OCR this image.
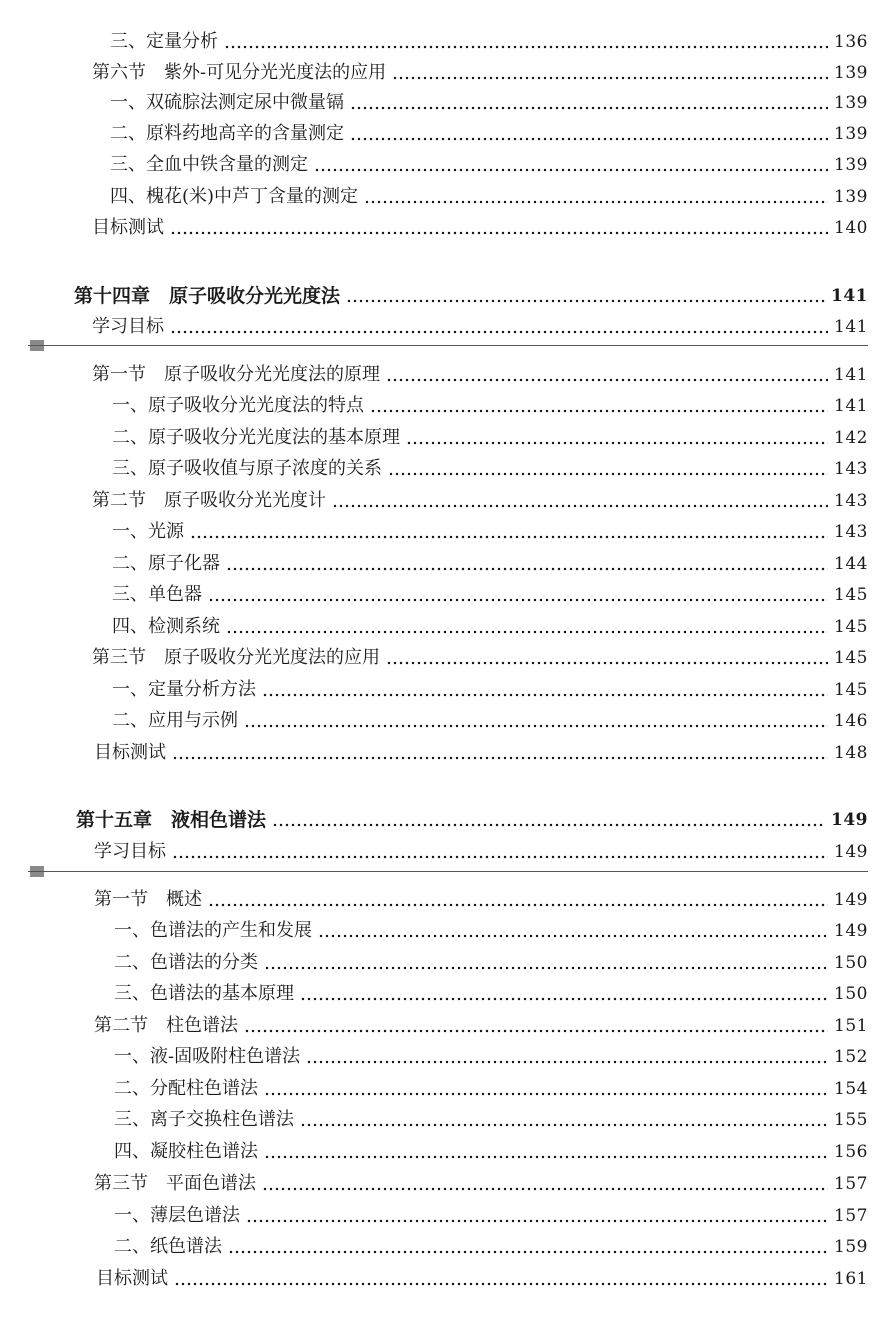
三、定量分析	136
第六节　紫外-可见分光光度法的应用	139
一、双硫腙法测定尿中微量镉	139
二、原料药地高辛的含量测定	139
三、全血中铁含量的测定	139
四、槐花(米)中芦丁含量的测定	139
目标测试	140
第十四章　原子吸收分光光度法	141
学习目标	141
第一节　原子吸收分光光度法的原理	141
一、原子吸收分光光度法的特点	141
二、原子吸收分光光度法的基本原理	142
三、原子吸收值与原子浓度的关系	143
第二节　原子吸收分光光度计	143
一、光源	143
二、原子化器	144
三、单色器	145
四、检测系统	145
第三节　原子吸收分光光度法的应用	145
一、定量分析方法	145
二、应用与示例	146
目标测试	148
第十五章　液相色谱法	149
学习目标	149
第一节　概述	149
一、色谱法的产生和发展	149
二、色谱法的分类	150
三、色谱法的基本原理	150
第二节　柱色谱法	151
一、液-固吸附柱色谱法	152
二、分配柱色谱法	154
三、离子交换柱色谱法	155
四、凝胶柱色谱法	156
第三节　平面色谱法	157
一、薄层色谱法	157
二、纸色谱法	159
目标测试	161
